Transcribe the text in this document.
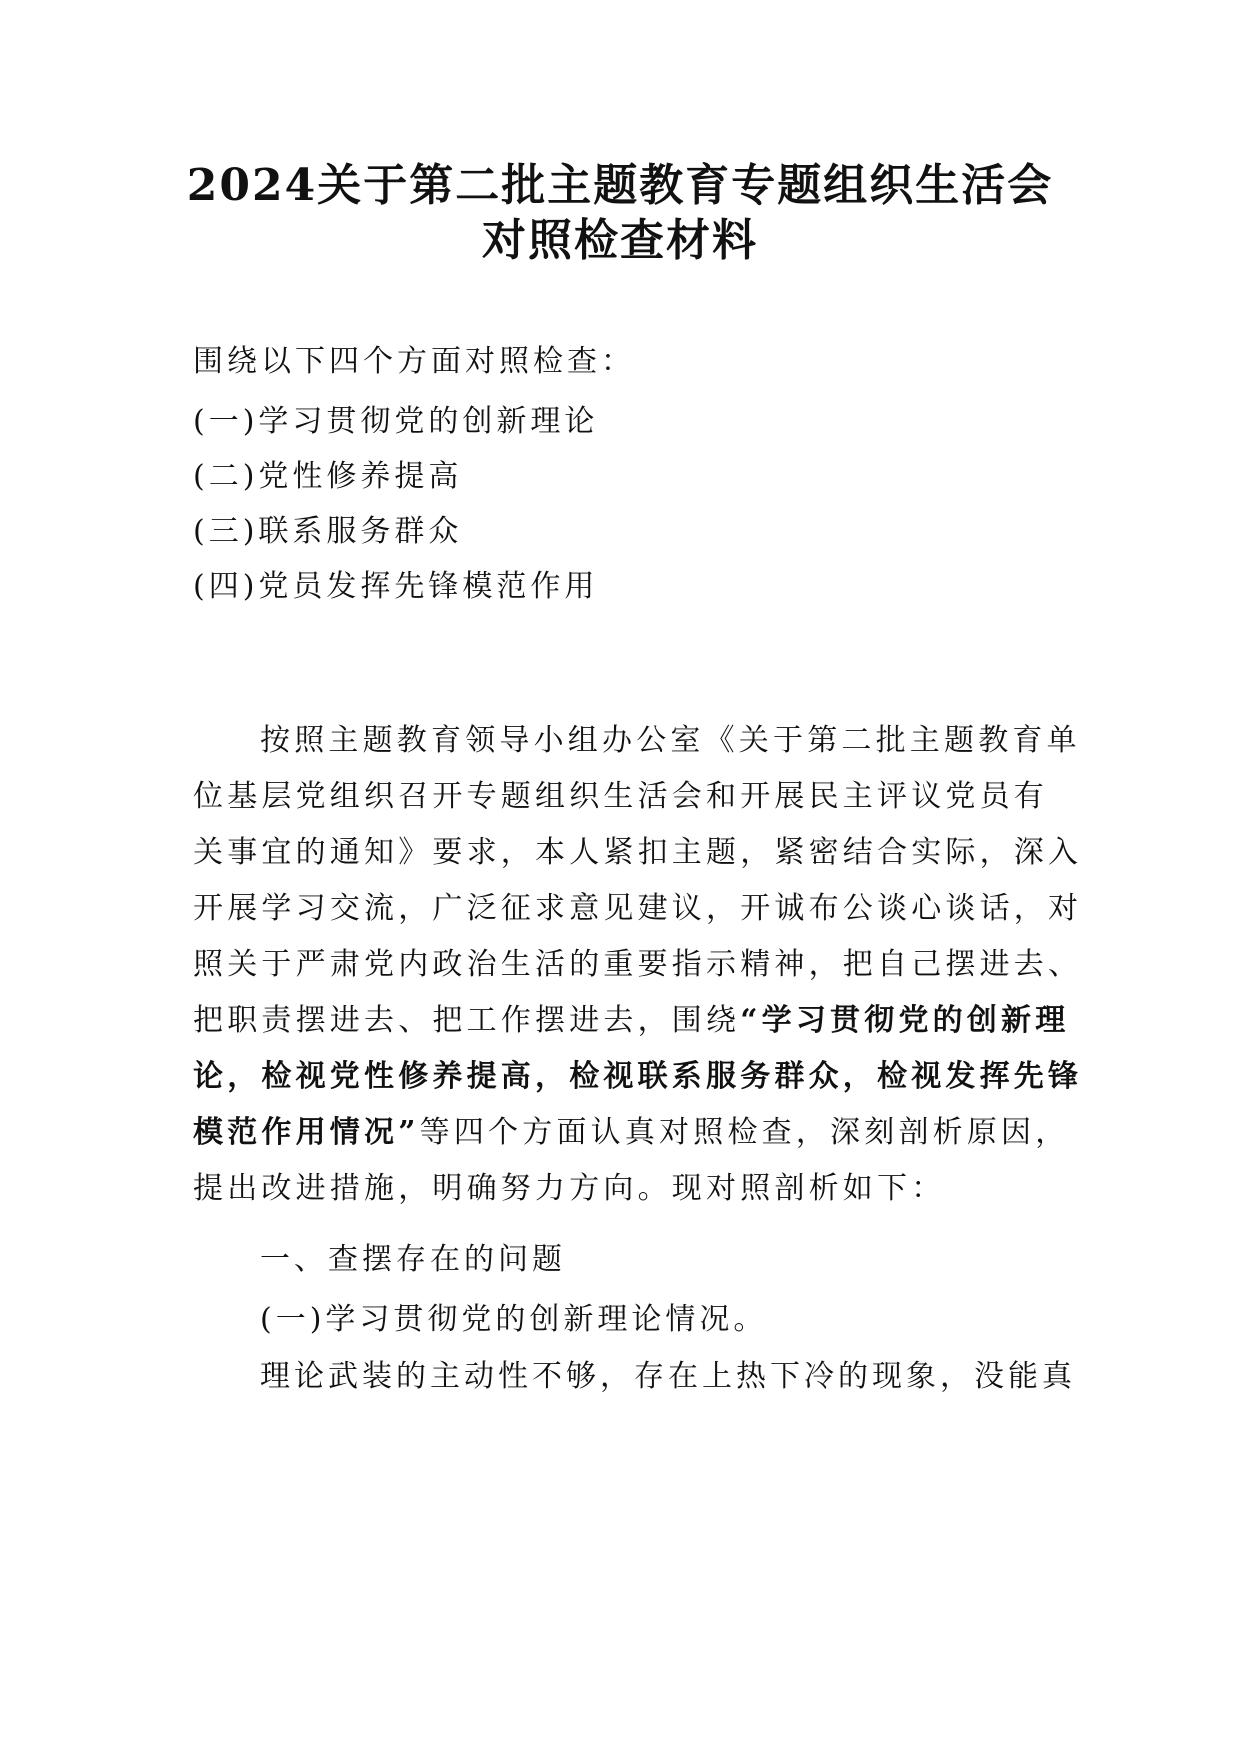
2024关于第二批主题教育专题组织生活会
对照检查材料
围绕以下四个方面对照检查：
(一)学习贯彻党的创新理论
(二)党性修养提高
(三)联系服务群众
(四)党员发挥先锋模范作用
按照主题教育领导小组办公室《关于第二批主题教育单
位基层党组织召开专题组织生活会和开展民主评议党员有
关事宜的通知》要求，本人紧扣主题，紧密结合实际，深入
开展学习交流，广泛征求意见建议，开诚布公谈心谈话，对
照关于严肃党内政治生活的重要指示精神，把自己摆进去、
把职责摆进去、把工作摆进去，围绕“学习贯彻党的创新理
论，检视党性修养提高，检视联系服务群众，检视发挥先锋
模范作用情况”等四个方面认真对照检查，深刻剖析原因，
提出改进措施，明确努力方向。现对照剖析如下：
一、查摆存在的问题
(一)学习贯彻党的创新理论情况。
理论武装的主动性不够，存在上热下冷的现象，没能真
